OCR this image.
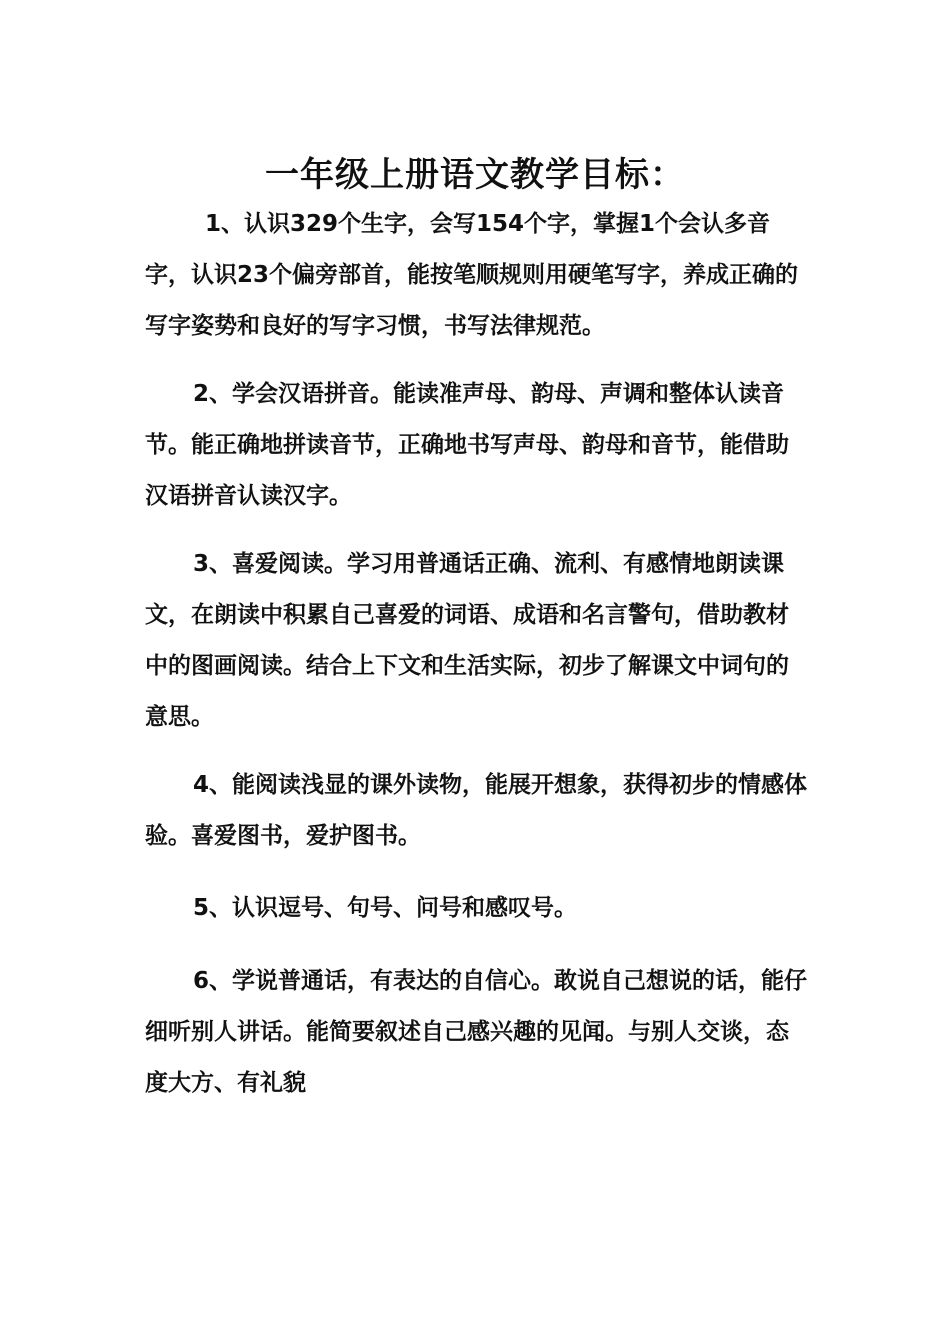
一年级上册语文教学目标：

1、认识329个生字，会写154个字，掌握1个会认多音字，认识23个偏旁部首，能按笔顺规则用硬笔写字，养成正确的写字姿势和良好的写字习惯，书写法律规范。

2、学会汉语拼音。能读准声母、韵母、声调和整体认读音节。能正确地拼读音节，正确地书写声母、韵母和音节，能借助汉语拼音认读汉字。

3、喜爱阅读。学习用普通话正确、流利、有感情地朗读课文，在朗读中积累自己喜爱的词语、成语和名言警句，借助教材中的图画阅读。结合上下文和生活实际，初步了解课文中词句的意思。

4、能阅读浅显的课外读物，能展开想象，获得初步的情感体验。喜爱图书，爱护图书。

5、认识逗号、句号、问号和感叹号。

6、学说普通话，有表达的自信心。敢说自己想说的话，能仔细听别人讲话。能简要叙述自己感兴趣的见闻。与别人交谈，态度大方、有礼貌
